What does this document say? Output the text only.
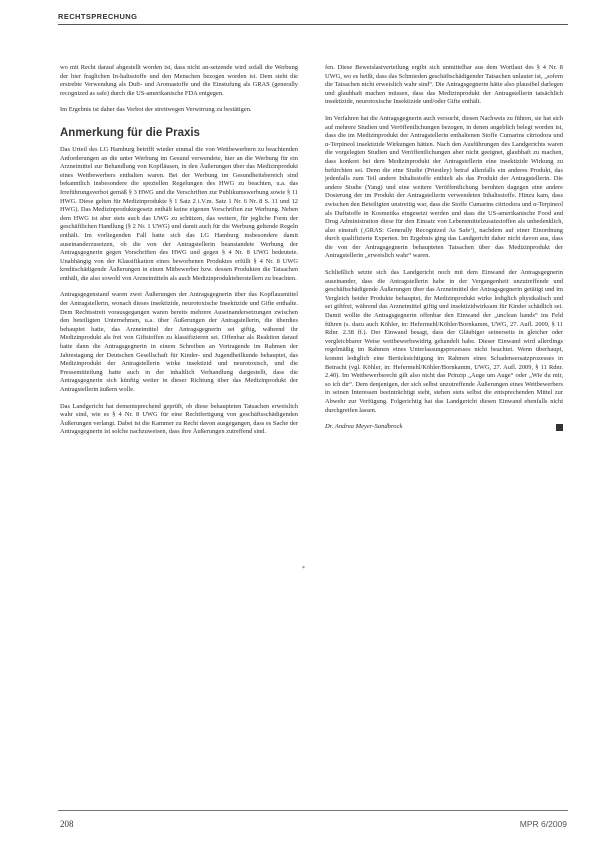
RECHTSPRECHUNG

wo mit Recht darauf abgestellt worden ist, dass nicht an-setzende wird sofall die Werbung der hier fraglichen In-haltsstoffe und den Menschen bezogen worden ist. Dem steht die erstrebte Verwendung als Duft- und Aromastoffe und die Einstufung als GRAS (generally recognized as safe) durch die US-amerikanische FDA entgegen.

Im Ergebnis ist daher das Verbot der streitwegen Verwirrung zu bestätigen.

Anmerkung für die Praxis

Das Urteil des LG Hamburg betrifft wieder einmal die von Wettbewerbern zu beachtenden Anforderungen an die unter Werbung im Gesund verwendete, hier an die Werbung für ein Arzneimittel zur Behandlung von Kopfläusen, in den Äußerungen über das Medizinprodukt eines Wettbewerbers enthalten waren. Bei der Werbung im Gesundheitsbereich sind bekanntlich insbesondere die speziellen Regelungen des HWG zu beachten, u.a. das Irreführungsverbot gemäß § 3 HWG und die Verschriften zur Publikumswerbung sowie § 11 HWG. Diese gelten für Medizinprodukte § 1 Satz 2 i.V.m. Satz 1 Nr. 6 Nr. 8 S. 11 und 12 HWG). Das Medizinproduktegesetz enthält keine eigenen Vorschriften zur Werbung. Neben dem HWG ist aber stets auch das UWG zu schützen, das weitere, für jegliche Form der geschäftlichen Handlung (§ 2 Nr. 1 UWG) und damit auch für die Werbung geltende Regeln enthält. Im vorliegenden Fall hatte sich das LG Hamburg insbesondere damit auseinanderzusetzen, ob die von der Antragstellerin beanstandete Werbung der Antragsgegnerin gegen Vorschriften des HWG und gegen § 4 Nr. 8 UWG bedeutete. Unabhängig von der Klassifikation eines beworbenen Produktes erfüllt § 4 Nr. 8 UWG kreditschädigende Äußerungen in einen Mitbewerber bzw. dessen Produkten die Tatsachen enthält, die also sowohl von Arzneimitteln als auch Medizinprodukteherstellern zu beachten.

Antragsgegenstand waren zwei Äußerungen der Antragsgegnerin über das Kopflausmittel der Antragstellerin, wonach dieses insektizide, neurotoxische Insektizide und Gifte enthalte. Dem Rechtsstreit vorausgegangen waren bereits mehrere Auseinandersetzungen zwischen den beteiligten Unternehmen, u.a. über Äußerungen der Antragstellerin, die überdies behauptet hatte, das Arzneimittel der Antragsgegnerin sei giftig, während ihr Medizinprodukt als frei von Giftstoffen zu klassifizieren sei. Offenbar als Reaktion darauf hatte dann die Antragsgegnerin in einem Schreiben an Vortragende im Rahmen der Jahrestagung der Deutschen Gesellschaft für Kinder- und Jugendheilkunde behauptet, das Medizinprodukt der Antragstellerin wirke insektizid und neurotoxisch, und die Pressemitteilung hatte auch in der inhaltlich Verhandlung dargestellt, dass die Antragsgegnerin sich künftig weiter in dieser Richtung über das Medizinprodukt der Antragstellerin äußern wolle.

Das Landgericht hat dementsprechend geprüft, ob diese behaupteten Tatsachen erweislich wahr sind, wie es § 4 Nr. 8 UWG für eine Rechtfertigung von geschäftsschädigenden Äußerungen verlangt. Dabei ist die Kammer zu Recht davon ausgegangen, dass es Sache der Antragsgegnerin ist solche nachzuweisen, dass ihre Äußerungen zutreffend sind.

*

fen. Diese Beweislastverteilung ergibt sich unmittelbar aus dem Wortlaut des § 4 Nr. 8 UWG, wo es heißt, dass das Schmieden geschäftschädigender Tatsachen unlauter ist, „sofern die Tatsachen nicht erweislich wahr sind“. Die Antragsgegnerin hätte also plausibel darlegen und glaubhaft machen müssen, dass das Medizinprodukt der Antragstellerin tatsächlich insektizide, neurotoxische Insektizide und/oder Gifte enthält.

Im Verfahren hat die Antragsgegnerin auch versucht, diesen Nachweis zu führen, sie hat sich auf mehrere Studien und Veröffentlichungen bezogen, in denen angeblich belegt worden ist, dass die im Medizinprodukt der Antragstellerin enthaltenen Stoffe Cumarins citriodora und α-Terpineol insektizide Wirkungen hätten. Nach den Ausführungen des Landgerichts waren die vorgelegten Studien und Veröffentlichungen aber nicht geeignet, glaubhaft zu machen, dass konkret bei dem Medizinprodukt der Antragstellerin eine insektizide Wirkung zu befürchten sei. Denn die eine Studie (Priestley) betraf allenfalls ein anderes Produkt, das jedenfalls zum Teil andere Inhaltsstoffe enthielt als das Produkt der Antragstellerin. Die andere Studie (Yang) und eine weitere Veröffentlichung beruhten dagegen eine andere Dosierung der im Produkt der Antragstellerin verwendeten Inhaltsstoffe. Hinzu kam, dass zwischen den Beteiligten unstreitig war, dass die Stoffe Cumarins citriodora und α-Terpineol als Duftstoffe in Kosmetika eingesetzt werden und dass die US-amerikanische Food and Drug Administration diese für den Einsatz von Lebensmittelzusatzstoffen als unbedenklich, also einstuft (‚GRAS: Generally Recognized As Safe‘), nachdem auf einer Einordnung durch qualifizierte Experten. Im Ergebnis ging das Landgericht daher nicht davon aus, dass die von der Antragsgegnerin behaupteten Tatsachen über das Medizinprodukt der Antragstellerin „erweislich wahr“ waren.

Schließlich setzte sich das Landgericht noch mit dem Einwand der Antragsgegnerin auseinander, dass die Antragstellerin habe in der Vergangenheit unzutreffende und geschäftschädigende Äußerungen über das Arzneimittel der Antragsgegnerin getätigt und im Vergleich beider Produkte behauptet, ihr Medizinprodukt wirke lediglich physikalisch und sei giftfrei, während das Arzneimittel giftig und insektizidwirksam für Kinder schädlich sei. Damit wollte die Antragsgegnerin offenbar den Einwand der „unclean hands“ ins Feld führen (s. dazu auch Köhler, in: Hefermehl/Köhler/Bornkamm, UWG, 27. Aufl. 2009, § 11 Rdnr. 2.38 ff.). Der Einwand besagt, dass der Gläubiger seinerseits in gleicher oder vergleichbarer Weise wettbewerbswidrig gehandelt habe. Dieser Einwand wird allerdings regelmäßig im Rahmen eines Unterlassungsprozesses nicht beachtet. Wenn überhaupt, kommt lediglich eine Berücksichtigung im Rahmen eines Schadensersatzprozesses in Betracht (vgl. Köhler, in: Hefermehl/Köhler/Bornkamm, UWG, 27. Aufl. 2009, § 11 Rdnr. 2.40). Im Wettbewerbsrecht gilt also nicht das Prinzip „Auge um Auge“ oder „Wie du mir, so ich dir“. Dem denjenigen, der sich selbst unzutreffende Äußerungen eines Wettbewerbers in seinen Interessen beeinträchtigt sieht, stehen stets selbst die entsprechenden Mittel zur Abwehr zur Verfügung. Folgerichtig hat das Landgericht diesen Einwand ebenfalls nicht durchgreifen lassen.

Dr. Andrea Meyer-Sandbrock
208	MPR 6/2009
